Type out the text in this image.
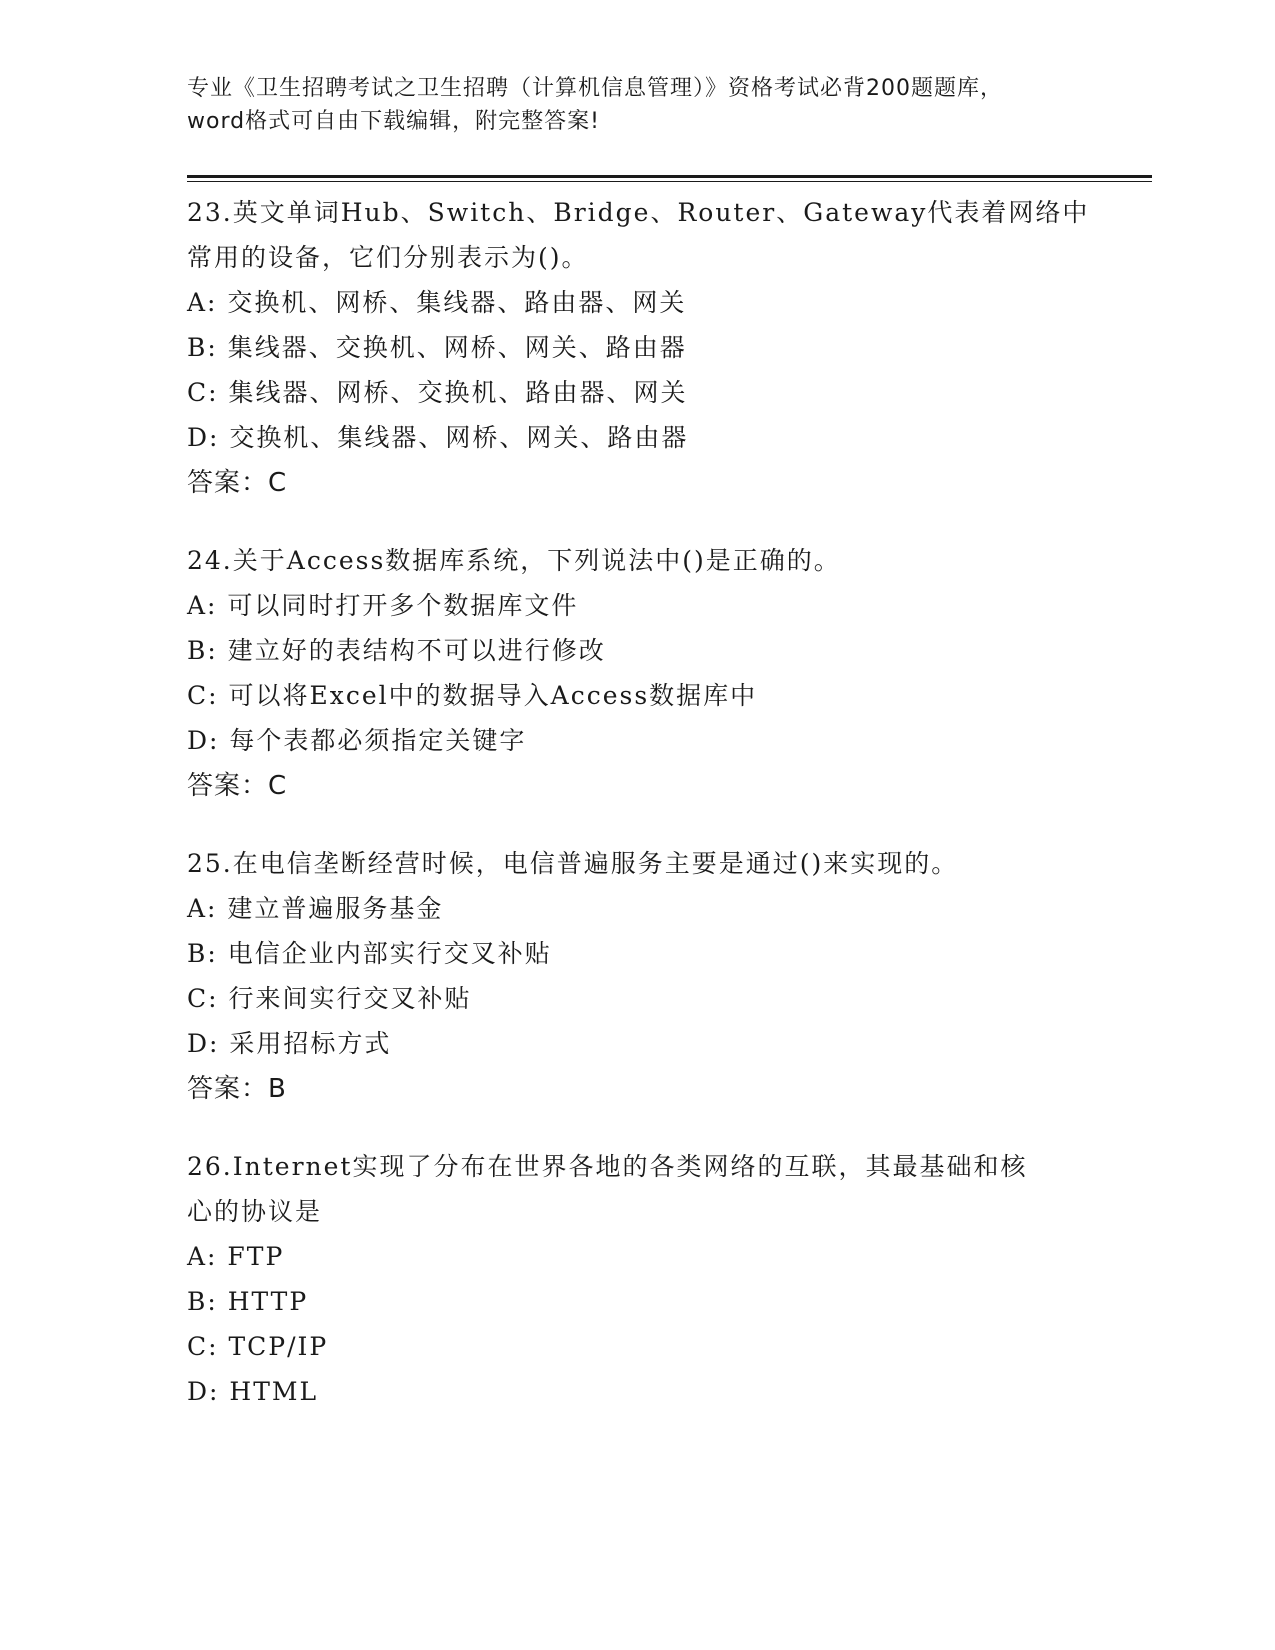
专业《卫生招聘考试之卫生招聘（计算机信息管理）》资格考试必背200题题库，
word格式可自由下载编辑，附完整答案!
23.英文单词Hub、Switch、Bridge、Router、Gateway代表着网络中
常用的设备，它们分别表示为()。
A: 交换机、网桥、集线器、路由器、网关
B: 集线器、交换机、网桥、网关、路由器
C: 集线器、网桥、交换机、路由器、网关
D: 交换机、集线器、网桥、网关、路由器
答案：C
24.关于Access数据库系统，下列说法中()是正确的。
A: 可以同时打开多个数据库文件
B: 建立好的表结构不可以进行修改
C: 可以将Excel中的数据导入Access数据库中
D: 每个表都必须指定关键字
答案：C
25.在电信垄断经营时候，电信普遍服务主要是通过()来实现的。
A: 建立普遍服务基金
B: 电信企业内部实行交叉补贴
C: 行来间实行交叉补贴
D: 采用招标方式
答案：B
26.Internet实现了分布在世界各地的各类网络的互联，其最基础和核
心的协议是
A: FTP
B: HTTP
C: TCP/IP
D: HTML
